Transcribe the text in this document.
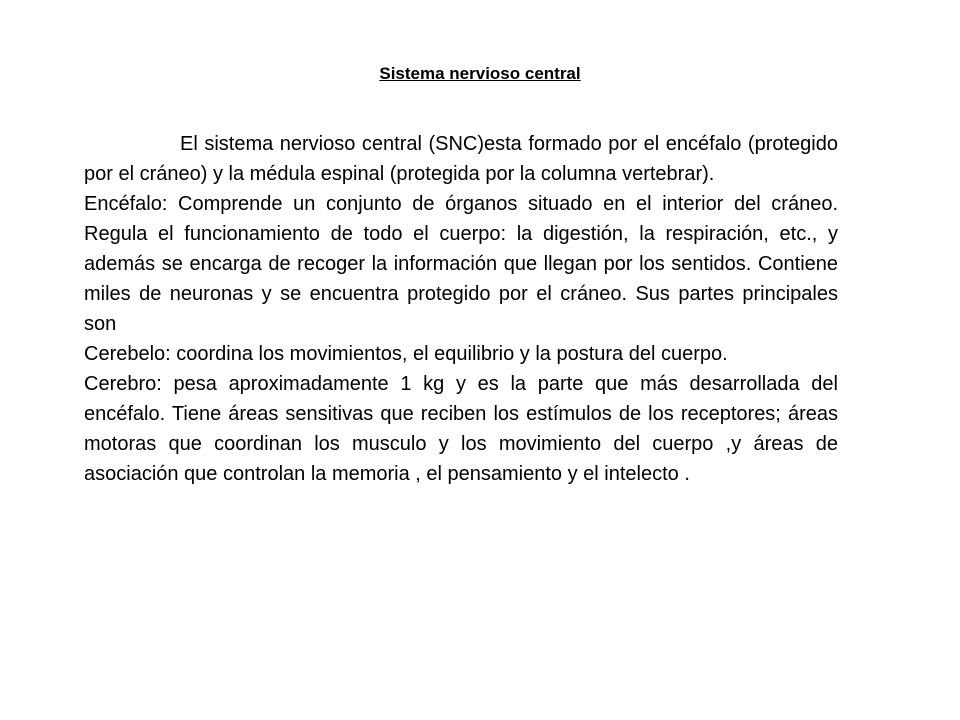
Sistema nervioso central

El sistema nervioso central (SNC)esta formado por el encéfalo (protegido por el cráneo) y la médula espinal (protegida por la columna vertebrar).

Encéfalo: Comprende un conjunto de órganos situado en el interior del cráneo. Regula el funcionamiento de todo el cuerpo: la digestión, la respiración, etc., y además se encarga de recoger la información que llegan por los sentidos. Contiene miles de neuronas y se encuentra protegido por el cráneo. Sus partes principales son

Cerebelo: coordina los movimientos, el equilibrio y la postura del cuerpo.

Cerebro: pesa aproximadamente 1 kg y es la parte que más desarrollada del encéfalo. Tiene áreas sensitivas que reciben los estímulos de los receptores; áreas motoras que coordinan los musculo y los movimiento del cuerpo ,y áreas de asociación que controlan la memoria , el pensamiento y el intelecto .
